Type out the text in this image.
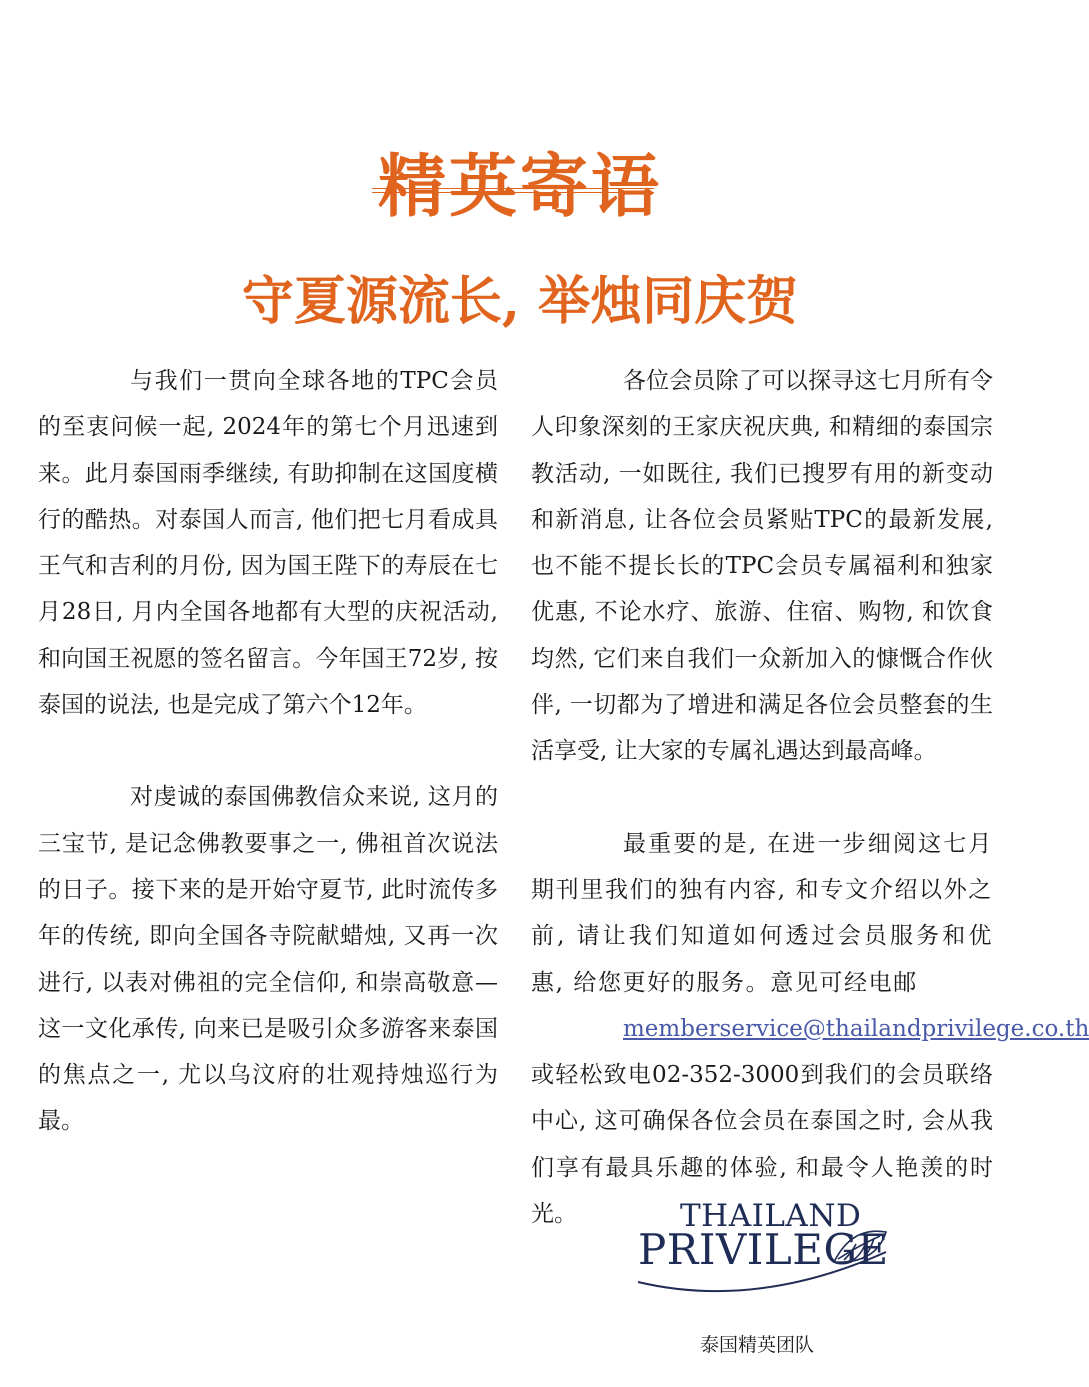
精英寄语
守夏源流长, 举烛同庆贺

与我们一贯向全球各地的TPC会员的至衷问候一起, 2024年的第七个月迅速到来。此月泰国雨季继续, 有助抑制在这国度横行的酷热。对泰国人而言, 他们把七月看成具王气和吉利的月份, 因为国王陛下的寿辰在七月28日, 月内全国各地都有大型的庆祝活动, 和向国王祝愿的签名留言。今年国王72岁, 按泰国的说法, 也是完成了第六个12年。

对虔诚的泰国佛教信众来说, 这月的三宝节, 是记念佛教要事之一, 佛祖首次说法的日子。接下来的是开始守夏节, 此时流传多年的传统, 即向全国各寺院献蜡烛, 又再一次进行, 以表对佛祖的完全信仰, 和崇高敬意—这一文化承传, 向来已是吸引众多游客来泰国的焦点之一, 尤以乌汶府的壮观持烛巡行为最。

各位会员除了可以探寻这七月所有令人印象深刻的王家庆祝庆典, 和精细的泰国宗教活动, 一如既往, 我们已搜罗有用的新变动和新消息, 让各位会员紧贴TPC的最新发展, 也不能不提长长的TPC会员专属福利和独家优惠, 不论水疗、旅游、住宿、购物, 和饮食均然, 它们来自我们一众新加入的慷慨合作伙伴, 一切都为了增进和满足各位会员整套的生活享受, 让大家的专属礼遇达到最高峰。

最重要的是, 在进一步细阅这七月期刊里我们的独有内容, 和专文介绍以外之前, 请让我们知道如何透过会员服务和优惠, 给您更好的服务。意见可经电邮
memberservice@thailandprivilege.co.th

或轻松致电02-352-3000到我们的会员联络中心, 这可确保各位会员在泰国之时, 会从我们享有最具乐趣的体验, 和最令人艳羡的时光。	THAILAND
PRIVILEGE
泰国精英团队
